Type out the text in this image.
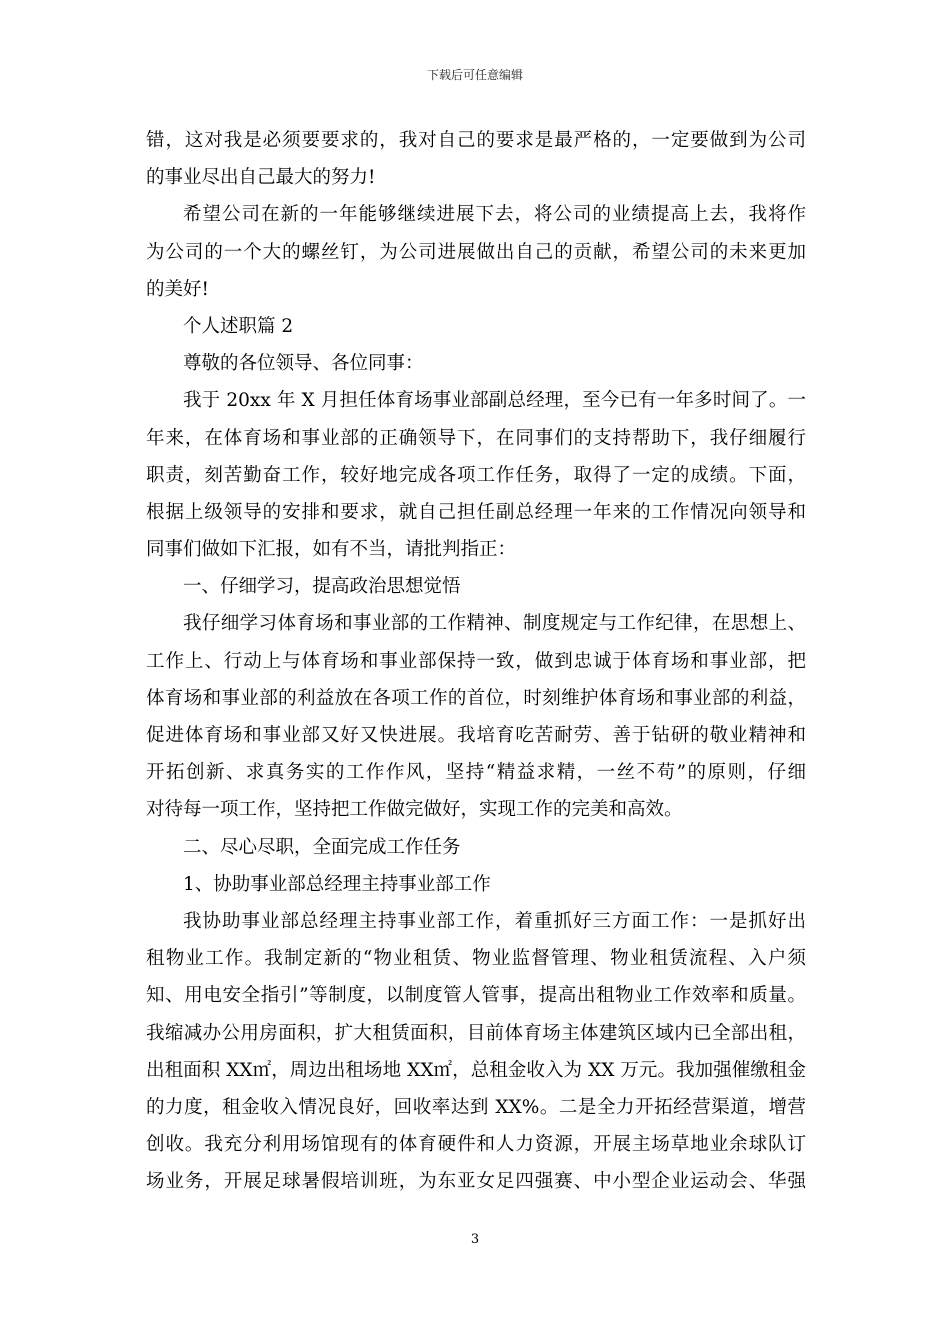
下载后可任意编辑
错，这对我是必须要要求的，我对自己的要求是最严格的，一定要做到为公司
的事业尽出自己最大的努力!
希望公司在新的一年能够继续进展下去，将公司的业绩提高上去，我将作
为公司的一个大的螺丝钉，为公司进展做出自己的贡献，希望公司的未来更加
的美好!
个人述职篇 2
尊敬的各位领导、各位同事：
我于 20xx 年 X 月担任体育场事业部副总经理，至今已有一年多时间了。一
年来，在体育场和事业部的正确领导下，在同事们的支持帮助下，我仔细履行
职责，刻苦勤奋工作，较好地完成各项工作任务，取得了一定的成绩。下面，
根据上级领导的安排和要求，就自己担任副总经理一年来的工作情况向领导和
同事们做如下汇报，如有不当，请批判指正：
一、仔细学习，提高政治思想觉悟
我仔细学习体育场和事业部的工作精神、制度规定与工作纪律，在思想上、
工作上、行动上与体育场和事业部保持一致，做到忠诚于体育场和事业部，把
体育场和事业部的利益放在各项工作的首位，时刻维护体育场和事业部的利益，
促进体育场和事业部又好又快进展。我培育吃苦耐劳、善于钻研的敬业精神和
开拓创新、求真务实的工作作风，坚持“精益求精，一丝不苟”的原则，仔细
对待每一项工作，坚持把工作做完做好，实现工作的完美和高效。
二、尽心尽职，全面完成工作任务
1、协助事业部总经理主持事业部工作
我协助事业部总经理主持事业部工作，着重抓好三方面工作：一是抓好出
租物业工作。我制定新的“物业租赁、物业监督管理、物业租赁流程、入户须
知、用电安全指引”等制度，以制度管人管事，提高出租物业工作效率和质量。
我缩减办公用房面积，扩大租赁面积，目前体育场主体建筑区域内已全部出租，
出租面积 XX㎡，周边出租场地 XX㎡，总租金收入为 XX 万元。我加强催缴租金
的力度，租金收入情况良好，回收率达到 XX%。二是全力开拓经营渠道，增营
创收。我充分利用场馆现有的体育硬件和人力资源，开展主场草地业余球队订
场业务，开展足球暑假培训班，为东亚女足四强赛、中小型企业运动会、华强
3
